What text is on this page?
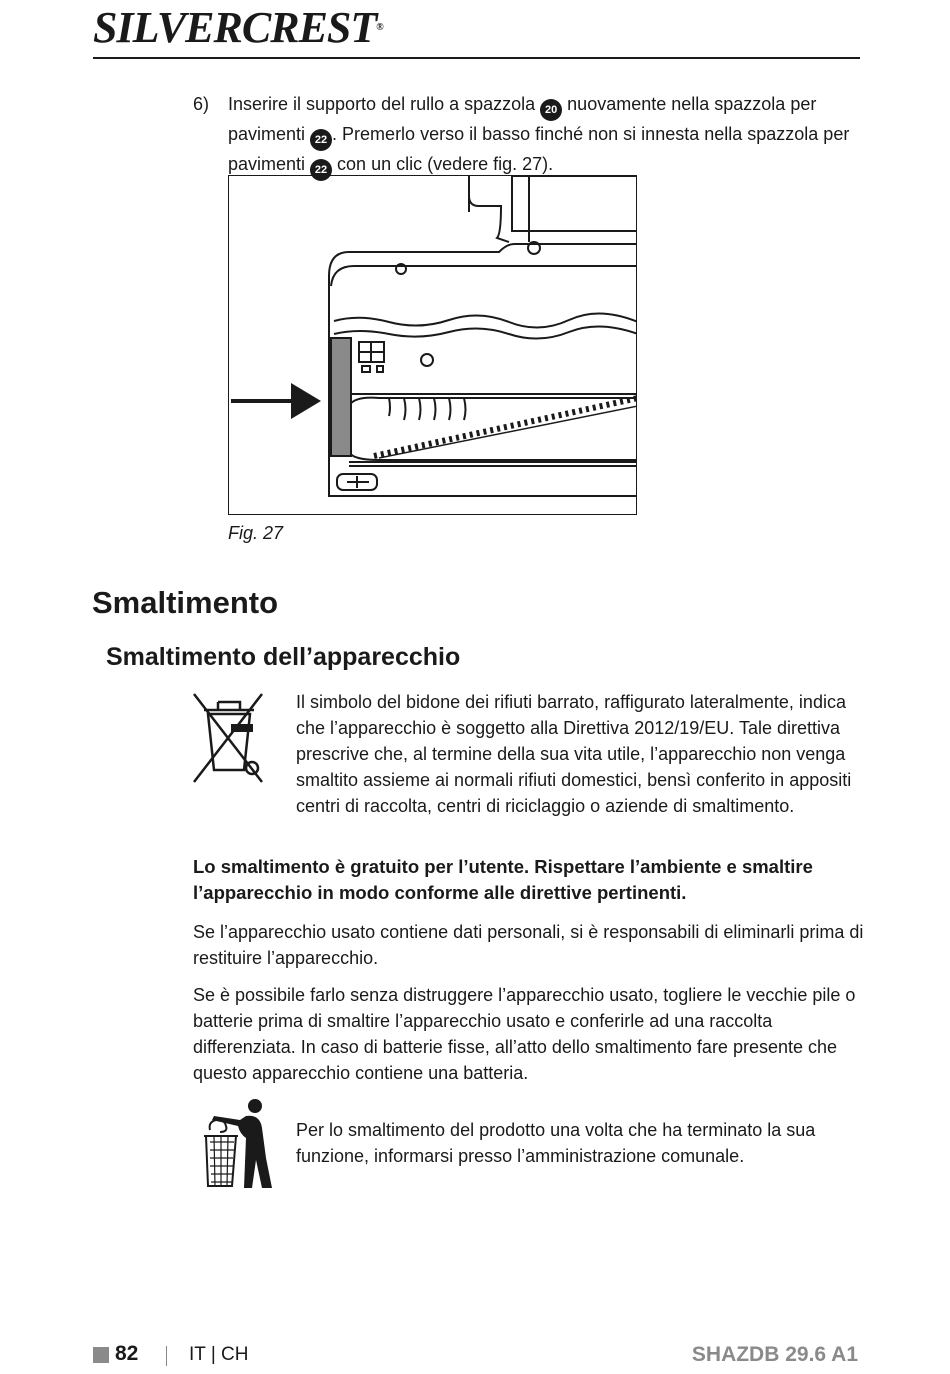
SILVERCREST®
6) Inserire il supporto del rullo a spazzola 20 nuovamente nella spazzola per pavimenti 22 . Premerlo verso il basso finché non si innesta nella spazzola per pavimenti 22 con un clic (vedere fig. 27).
Fig. 27
Smaltimento
Smaltimento dell’apparecchio
Il simbolo del bidone dei rifiuti barrato, raffigurato lateralmente, indica che l’apparecchio è soggetto alla Direttiva 2012/19/EU. Tale direttiva prescrive che, al termine della sua vita utile, l’apparecchio non venga smaltito assieme ai normali rifiuti domestici, bensì conferito in appositi centri di raccolta, centri di riciclaggio o aziende di smaltimento.
Lo smaltimento è gratuito per l’utente. Rispettare l’ambiente e smaltire l’apparecchio in modo conforme alle direttive pertinenti.
Se l’apparecchio usato contiene dati personali, si è responsabili di eliminarli prima di restituire l’apparecchio.
Se è possibile farlo senza distruggere l’apparecchio usato, togliere le vecchie pile o batterie prima di smaltire l’apparecchio usato e conferirle ad una raccolta differenziata. In caso di batterie fisse, all’atto dello smaltimento fare presente che questo apparecchio contiene una batteria.
Per lo smaltimento del prodotto una volta che ha terminato la sua funzione, informarsi presso l’amministrazione comunale.
82	IT | CH	SHAZDB 29.6 A1
